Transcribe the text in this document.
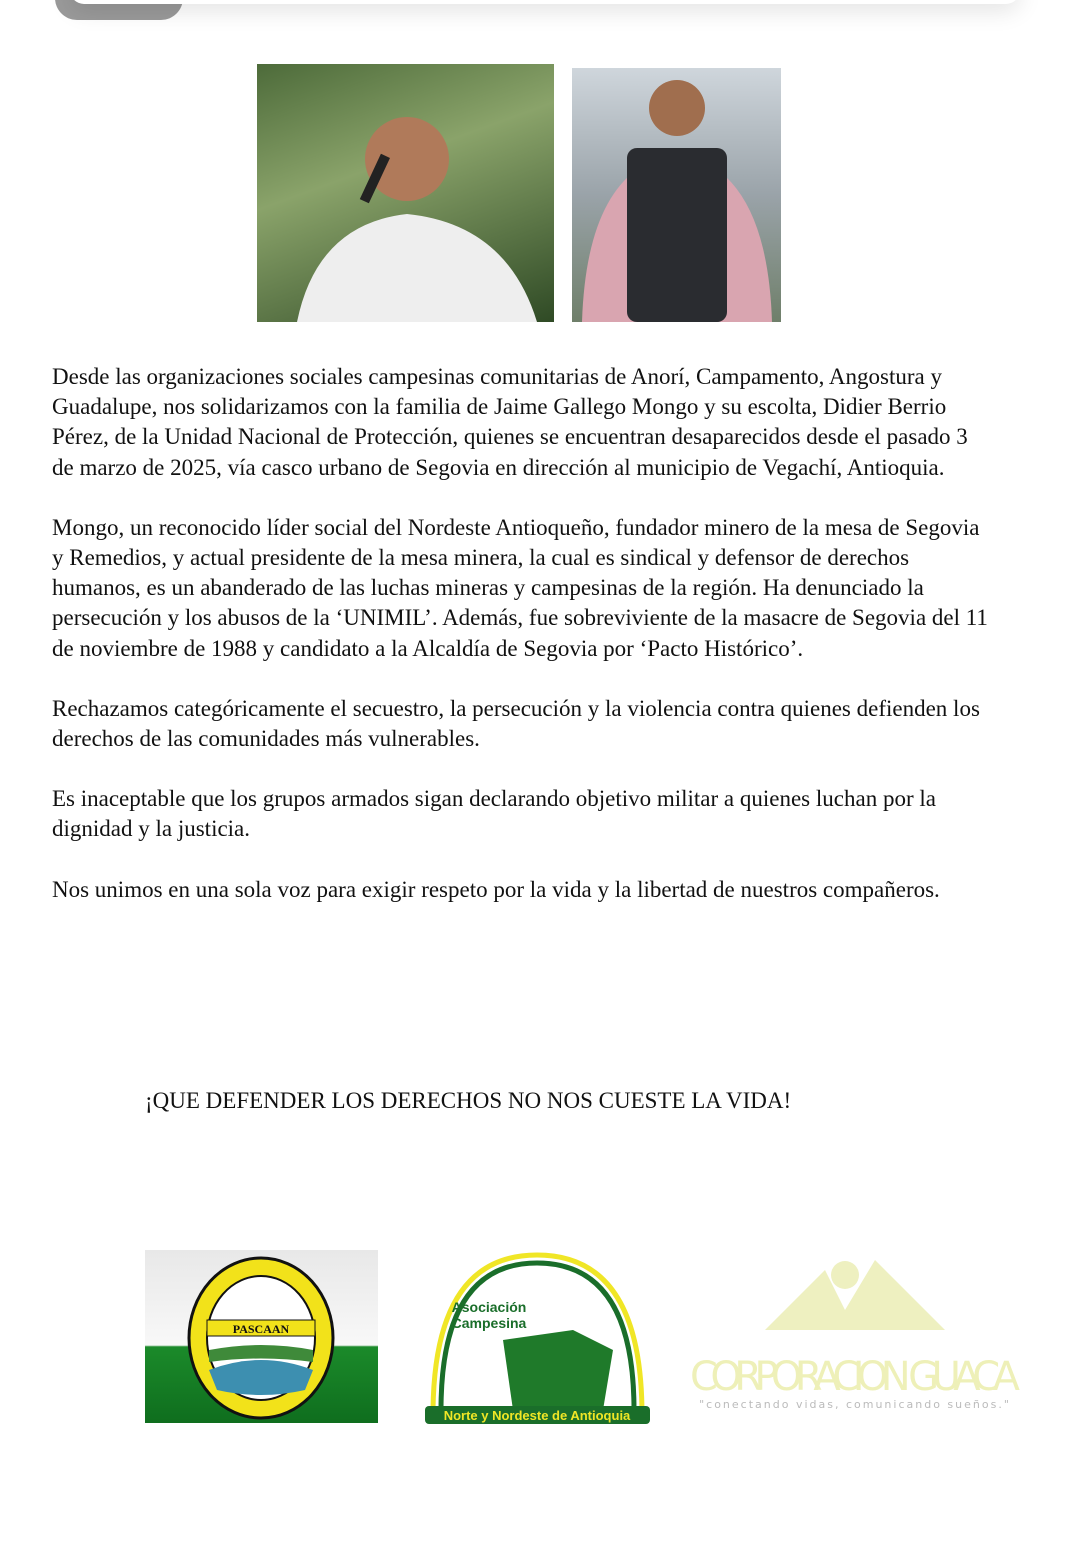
Desde las organizaciones sociales campesinas comunitarias de Anorí, Campamento, Angostura y Guadalupe, nos solidarizamos con la familia de Jaime Gallego Mongo y su escolta, Didier Berrio Pérez, de la Unidad Nacional de Protección, quienes se encuentran desaparecidos desde el pasado 3 de marzo de 2025, vía casco urbano de Segovia en dirección al municipio de Vegachí, Antioquia.

Mongo, un reconocido líder social del Nordeste Antioqueño, fundador minero de la mesa de Segovia y Remedios, y actual presidente de la mesa minera, la cual es sindical y defensor de derechos humanos, es un abanderado de las luchas mineras y campesinas de la región. Ha denunciado la persecución y los abusos de la ‘UNIMIL’. Además, fue sobreviviente de la masacre de Segovia del 11 de noviembre de 1988 y candidato a la Alcaldía de Segovia por ‘Pacto Histórico’.

Rechazamos categóricamente el secuestro, la persecución y la violencia contra quienes defienden los derechos de las comunidades más vulnerables.

Es inaceptable que los grupos armados sigan declarando objetivo militar a quienes luchan por la dignidad y la justicia.

Nos unimos en una sola voz para exigir respeto por la vida y la libertad de nuestros compañeros.

¡QUE DEFENDER LOS DERECHOS NO NOS CUESTE LA VIDA!
PASCAAN
Asociación
Campesina
Norte y Nordeste de Antioquia
CORPORACION GUACA
"conectando vidas, comunicando sueños."
